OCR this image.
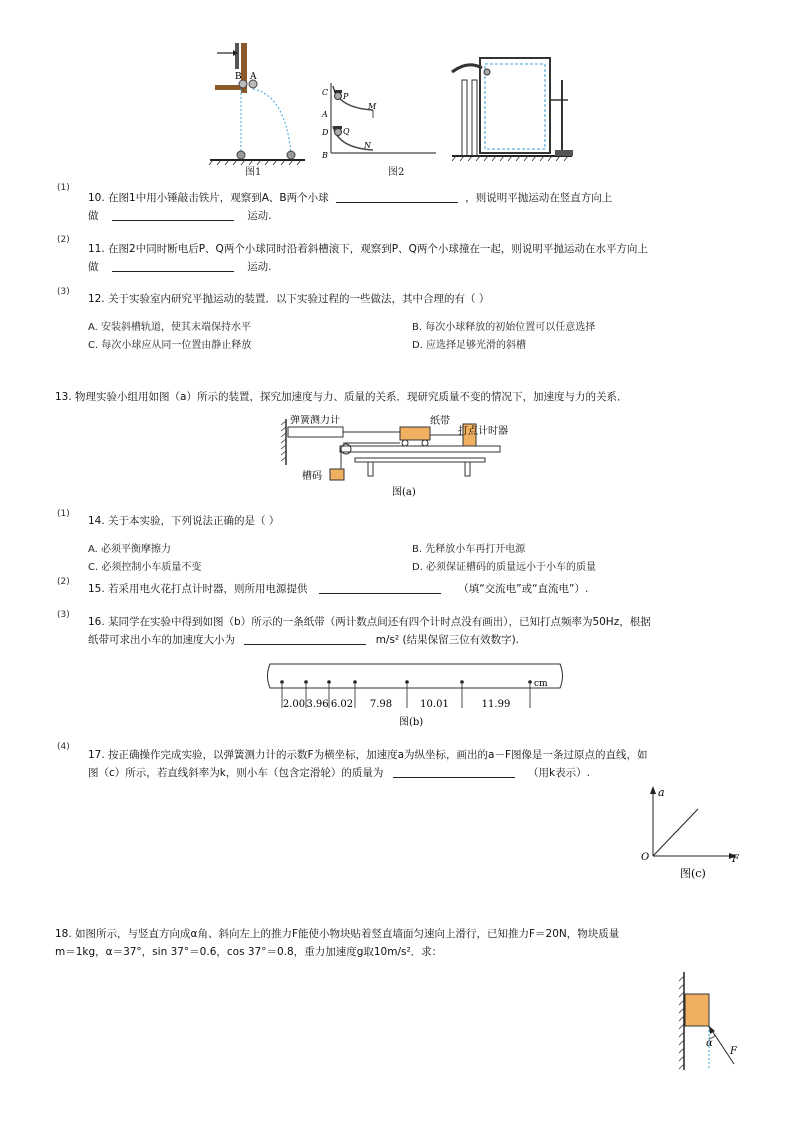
B A
图1
C P
A
M
D Q
N
B
图2
(1)
10. 在图1中用小锤敲击铁片，观察到A、B两个小球	，则说明平抛运动在竖直方向上
做	运动.
(2)
11. 在图2中同时断电后P、Q两个小球同时沿着斜槽滚下，观察到P、Q两个小球撞在一起，则说明平抛运动在水平方向上
做	运动.
(3)
12. 关于实验室内研究平抛运动的装置．以下实验过程的一些做法，其中合理的有（ ）
A. 安装斜槽轨道，使其末端保持水平	B. 每次小球释放的初始位置可以任意选择
C. 每次小球应从同一位置由静止释放	D. 应选择足够光滑的斜槽
13. 物理实验小组用如图（a）所示的装置，探究加速度与力、质量的关系．现研究质量不变的情况下，加速度与力的关系．
弹簧测力计	纸带
打点计时器
槽码
图(a)
(1)
14. 关于本实验，下列说法正确的是（ ）
A. 必须平衡摩擦力	B. 先释放小车再打开电源
C. 必须控制小车质量不变	D. 必须保证槽码的质量远小于小车的质量
(2)
15. 若采用电火花打点计时器，则所用电源提供	（填“交流电”或“直流电”）.
(3)
16. 某同学在实验中得到如图（b）所示的一条纸带（两计数点间还有四个计时点没有画出），已知打点频率为50Hz，根据
纸带可求出小车的加速度大小为	m/s² (结果保留三位有效数字).
2.00 3.96 6.02 7.98	10.01	11.99
cm
图(b)
(4)
17. 按正确操作完成实验，以弹簧测力计的示数F为横坐标，加速度a为纵坐标，画出的a－F图像是一条过原点的直线，如
图（c）所示，若直线斜率为k，则小车（包含定滑轮）的质量为	（用k表示）.
a
F
O
图(c)
18. 如图所示，与竖直方向成α角、斜向左上的推力F能使小物块贴着竖直墙面匀速向上滑行，已知推力F＝20N，物块质量
m＝1kg，α＝37°，sin 37°＝0.6，cos 37°＝0.8，重力加速度g取10m/s²．求：
α
F
